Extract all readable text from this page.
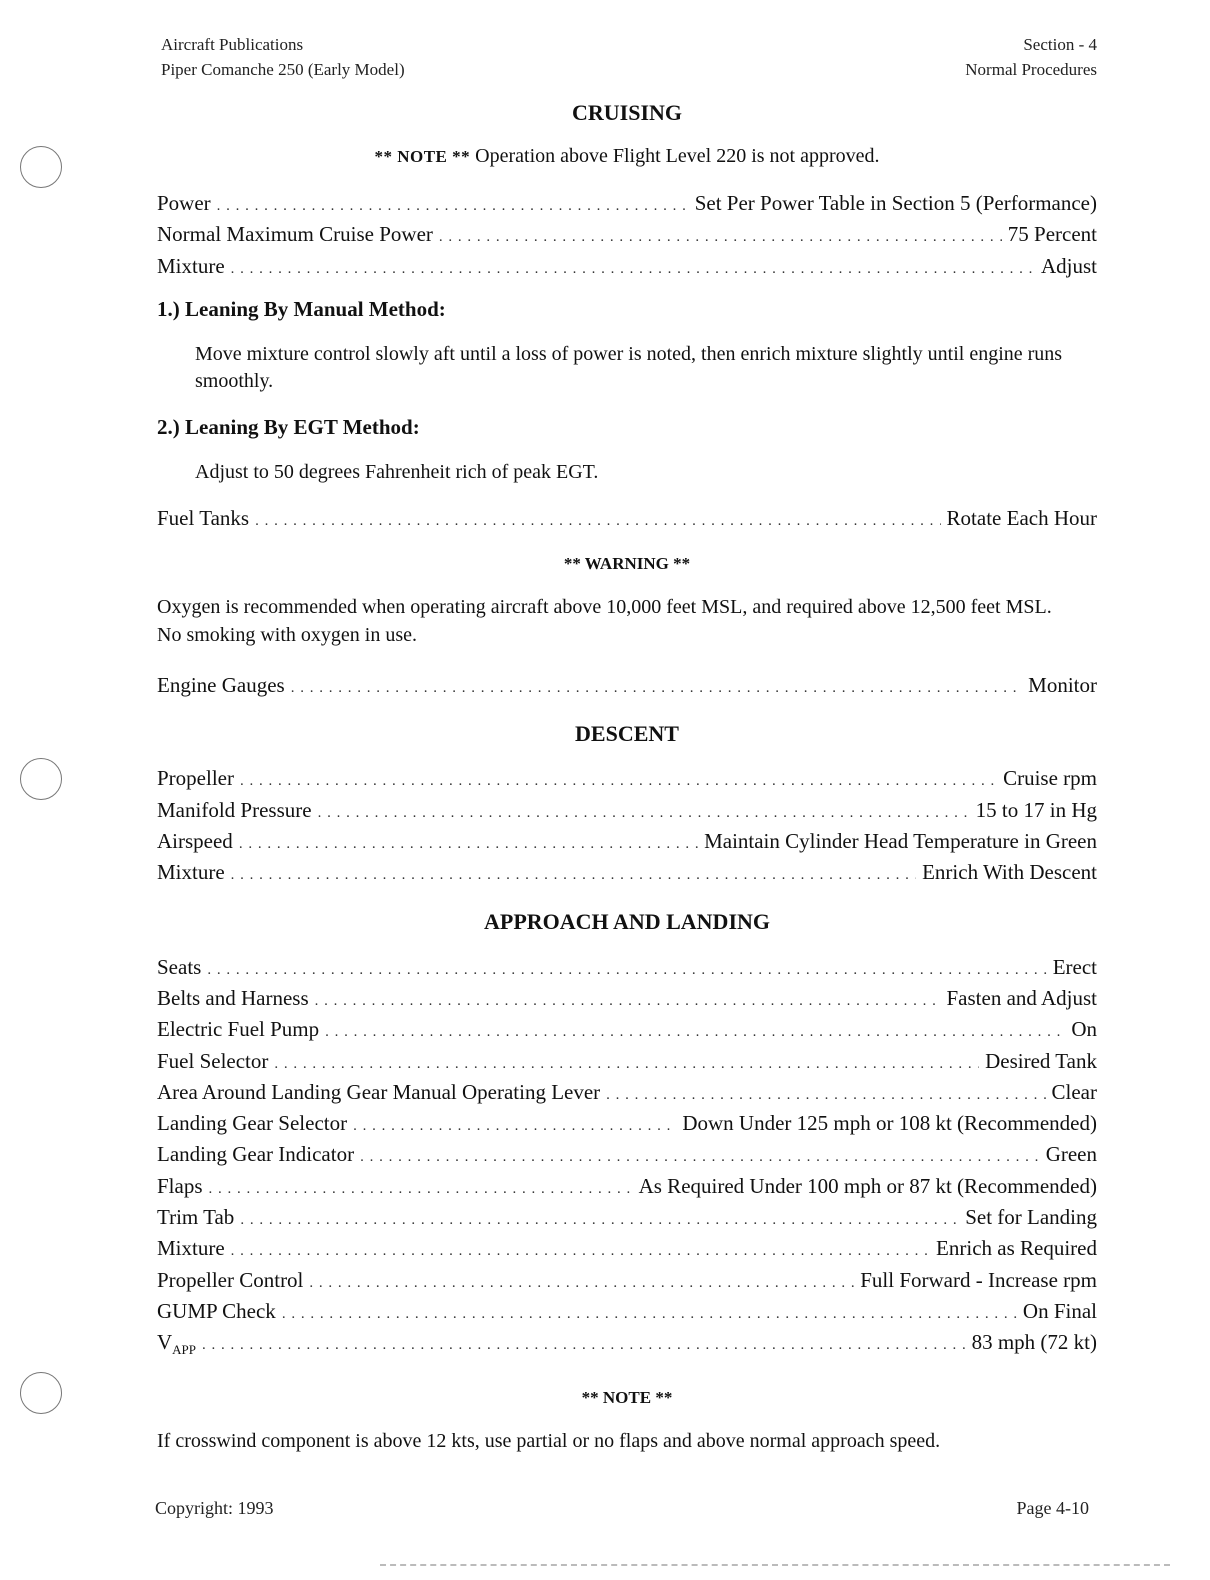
Aircraft Publications
Piper Comanche 250 (Early Model)
Section - 4
Normal Procedures
CRUISING
** NOTE ** Operation above Flight Level 220 is not approved.
Power . . .	Set Per Power Table in Section 5 (Performance)
Normal Maximum Cruise Power . . .	75 Percent
Mixture . . .	Adjust
1.) Leaning By Manual Method:
Move mixture control slowly aft until a loss of power is noted, then enrich mixture slightly until engine runs smoothly.
2.) Leaning By EGT Method:
Adjust to 50 degrees Fahrenheit rich of peak EGT.
Fuel Tanks . . .	Rotate Each Hour
** WARNING **
Oxygen is recommended when operating aircraft above 10,000 feet MSL, and required above 12,500 feet MSL. No smoking with oxygen in use.
Engine Gauges . . .	Monitor
DESCENT
Propeller . . .	Cruise rpm
Manifold Pressure . . .	15 to 17 in Hg
Airspeed . . .	Maintain Cylinder Head Temperature in Green
Mixture . . .	Enrich With Descent
APPROACH AND LANDING
Seats . . .	Erect
Belts and Harness . . .	Fasten and Adjust
Electric Fuel Pump . . .	On
Fuel Selector . . .	Desired Tank
Area Around Landing Gear Manual Operating Lever . . .	Clear
Landing Gear Selector . . .	Down Under 125 mph or 108 kt (Recommended)
Landing Gear Indicator . . .	Green
Flaps . . .	As Required Under 100 mph or 87 kt (Recommended)
Trim Tab . . .	Set for Landing
Mixture . . .	Enrich as Required
Propeller Control . . .	Full Forward - Increase rpm
GUMP Check . . .	On Final
$V_{APP}$ . . .	83 mph (72 kt)
** NOTE **
If crosswind component is above 12 kts, use partial or no flaps and above normal approach speed.
Copyright: 1993	Page 4-10
